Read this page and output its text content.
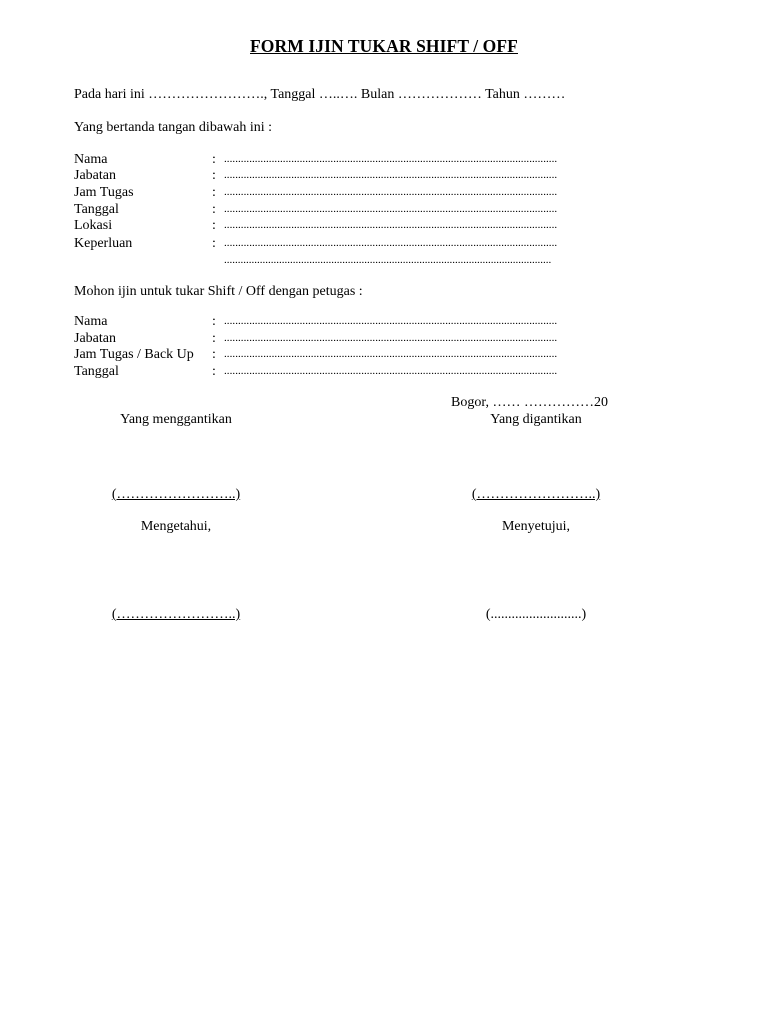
FORM IJIN TUKAR SHIFT / OFF
Pada hari ini ……………………., Tanggal …..…. Bulan ……………… Tahun ………
Yang bertanda tangan dibawah ini :
Nama	: .......................................................................................................................
Jabatan	: .......................................................................................................................
Jam Tugas	: .......................................................................................................................
Tanggal	: .......................................................................................................................
Lokasi	: .......................................................................................................................
Keperluan	: .......................................................................................................................
.......................................................................................................................
Mohon ijin untuk tukar Shift / Off dengan petugas :
Nama	: .......................................................................................................................
Jabatan	: .......................................................................................................................
Jam Tugas / Back Up : .......................................................................................................................
Tanggal	: .......................................................................................................................
Bogor, …… ……………20
Yang menggantikan	Yang digantikan
(……………………..)	(……………………..)
Mengetahui,	Menyetujui,
(……………………..)	(..........................)
